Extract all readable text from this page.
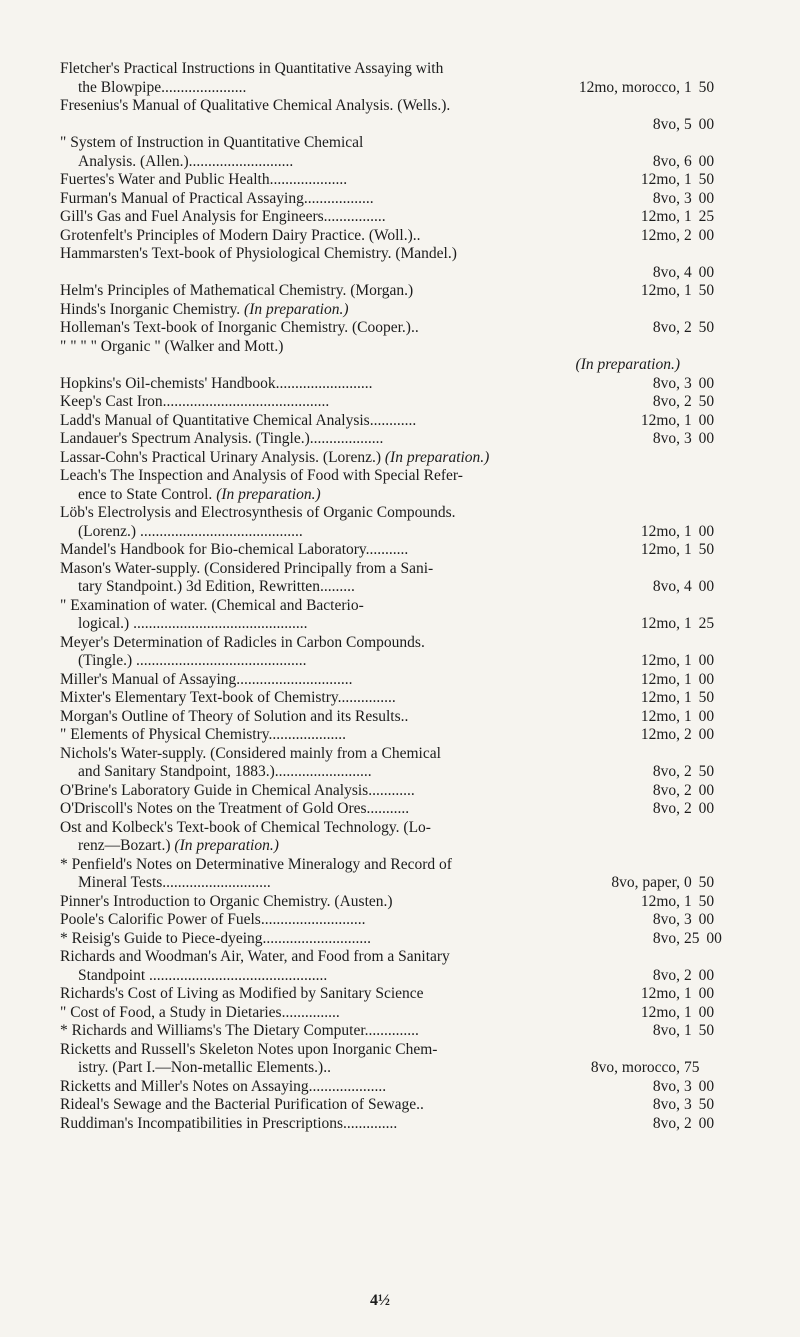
Fletcher's Practical Instructions in Quantitative Assaying with
the Blowpipe......................	12mo, morocco, 1 50
Fresenius's Manual of Qualitative Chemical Analysis. (Wells.).
8vo, 5 00
" System of Instruction in Quantitative Chemical
Analysis. (Allen.)...........................	8vo, 6 00
Fuertes's Water and Public Health....................	12mo, 1 50
Furman's Manual of Practical Assaying..................	8vo, 3 00
Gill's Gas and Fuel Analysis for Engineers................	12mo, 1 25
Grotenfelt's Principles of Modern Dairy Practice. (Woll.)..	12mo, 2 00
Hammarsten's Text-book of Physiological Chemistry. (Mandel.)
8vo, 4 00
Helm's Principles of Mathematical Chemistry. (Morgan.)	12mo, 1 50
Hinds's Inorganic Chemistry. (In preparation.)
Holleman's Text-book of Inorganic Chemistry. (Cooper.)..	8vo, 2 50
" " " " Organic " (Walker and Mott.)
(In preparation.)
Hopkins's Oil-chemists' Handbook.........................	8vo, 3 00
Keep's Cast Iron...........................................	8vo, 2 50
Ladd's Manual of Quantitative Chemical Analysis............	12mo, 1 00
Landauer's Spectrum Analysis. (Tingle.)...................	8vo, 3 00
Lassar-Cohn's Practical Urinary Analysis. (Lorenz.) (In preparation.)
Leach's The Inspection and Analysis of Food with Special Refer-
ence to State Control. (In preparation.)
Löb's Electrolysis and Electrosynthesis of Organic Compounds.
(Lorenz.) ..........................................	12mo, 1 00
Mandel's Handbook for Bio-chemical Laboratory...........	12mo, 1 50
Mason's Water-supply. (Considered Principally from a Sani-
tary Standpoint.) 3d Edition, Rewritten.........	8vo, 4 00
" Examination of water. (Chemical and Bacterio-
logical.) .............................................	12mo, 1 25
Meyer's Determination of Radicles in Carbon Compounds.
(Tingle.) ............................................	12mo, 1 00
Miller's Manual of Assaying..............................	12mo, 1 00
Mixter's Elementary Text-book of Chemistry...............	12mo, 1 50
Morgan's Outline of Theory of Solution and its Results..	12mo, 1 00
" Elements of Physical Chemistry....................	12mo, 2 00
Nichols's Water-supply. (Considered mainly from a Chemical
and Sanitary Standpoint, 1883.).........................	8vo, 2 50
O'Brine's Laboratory Guide in Chemical Analysis............	8vo, 2 00
O'Driscoll's Notes on the Treatment of Gold Ores...........	8vo, 2 00
Ost and Kolbeck's Text-book of Chemical Technology. (Lo-
renz—Bozart.) (In preparation.)
* Penfield's Notes on Determinative Mineralogy and Record of
Mineral Tests............................	8vo, paper, 0 50
Pinner's Introduction to Organic Chemistry. (Austen.)	12mo, 1 50
Poole's Calorific Power of Fuels...........................	8vo, 3 00
* Reisig's Guide to Piece-dyeing............................	8vo, 25 00
Richards and Woodman's Air, Water, and Food from a Sanitary
Standpoint ..............................................	8vo, 2 00
Richards's Cost of Living as Modified by Sanitary Science	12mo, 1 00
" Cost of Food, a Study in Dietaries...............	12mo, 1 00
* Richards and Williams's The Dietary Computer..............	8vo, 1 50
Ricketts and Russell's Skeleton Notes upon Inorganic Chem-
istry. (Part I.—Non-metallic Elements.)..	8vo, morocco, 75
Ricketts and Miller's Notes on Assaying....................	8vo, 3 00
Rideal's Sewage and the Bacterial Purification of Sewage..	8vo, 3 50
Ruddiman's Incompatibilities in Prescriptions..............	8vo, 2 00
4½
